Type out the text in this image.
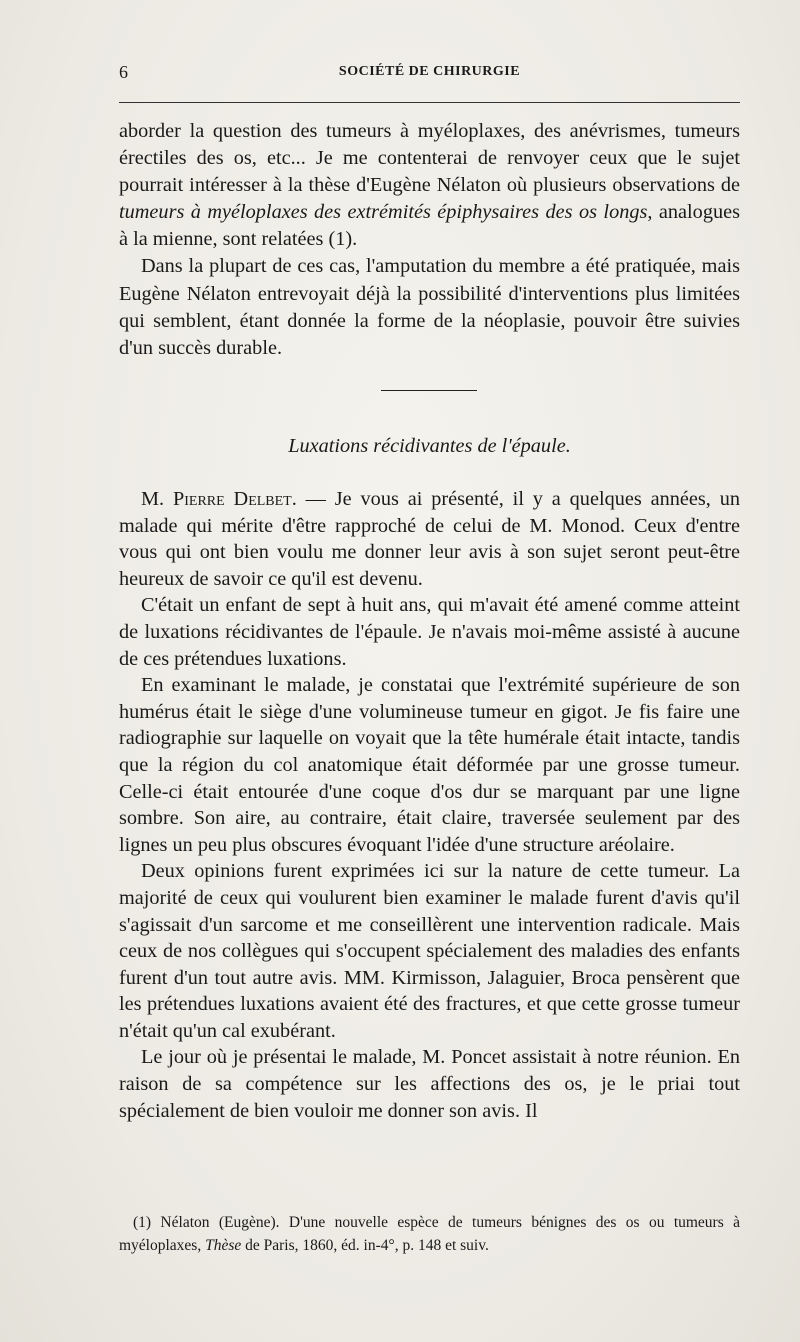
6	SOCIÉTÉ DE CHIRURGIE

aborder la question des tumeurs à myéloplaxes, des anévrismes, tumeurs érectiles des os, etc... Je me contenterai de renvoyer ceux que le sujet pourrait intéresser à la thèse d'Eugène Nélaton où plusieurs observations de tumeurs à myéloplaxes des extrémités épiphysaires des os longs, analogues à la mienne, sont relatées (1).

Dans la plupart de ces cas, l'amputation du membre a été pratiquée, mais Eugène Nélaton entrevoyait déjà la possibilité d'interventions plus limitées qui semblent, étant donnée la forme de la néoplasie, pouvoir être suivies d'un succès durable.

Luxations récidivantes de l'épaule.

M. Pierre Delbet. — Je vous ai présenté, il y a quelques années, un malade qui mérite d'être rapproché de celui de M. Monod. Ceux d'entre vous qui ont bien voulu me donner leur avis à son sujet seront peut-être heureux de savoir ce qu'il est devenu.

C'était un enfant de sept à huit ans, qui m'avait été amené comme atteint de luxations récidivantes de l'épaule. Je n'avais moi-même assisté à aucune de ces prétendues luxations.

En examinant le malade, je constatai que l'extrémité supérieure de son humérus était le siège d'une volumineuse tumeur en gigot. Je fis faire une radiographie sur laquelle on voyait que la tête humérale était intacte, tandis que la région du col anatomique était déformée par une grosse tumeur. Celle-ci était entourée d'une coque d'os dur se marquant par une ligne sombre. Son aire, au contraire, était claire, traversée seulement par des lignes un peu plus obscures évoquant l'idée d'une structure aréolaire.

Deux opinions furent exprimées ici sur la nature de cette tumeur. La majorité de ceux qui voulurent bien examiner le malade furent d'avis qu'il s'agissait d'un sarcome et me conseillèrent une intervention radicale. Mais ceux de nos collègues qui s'occupent spécialement des maladies des enfants furent d'un tout autre avis. MM. Kirmisson, Jalaguier, Broca pensèrent que les prétendues luxations avaient été des fractures, et que cette grosse tumeur n'était qu'un cal exubérant.

Le jour où je présentai le malade, M. Poncet assistait à notre réunion. En raison de sa compétence sur les affections des os, je le priai tout spécialement de bien vouloir me donner son avis. Il

(1) Nélaton (Eugène). D'une nouvelle espèce de tumeurs bénignes des os ou tumeurs à myéloplaxes, Thèse de Paris, 1860, éd. in-4°, p. 148 et suiv.
